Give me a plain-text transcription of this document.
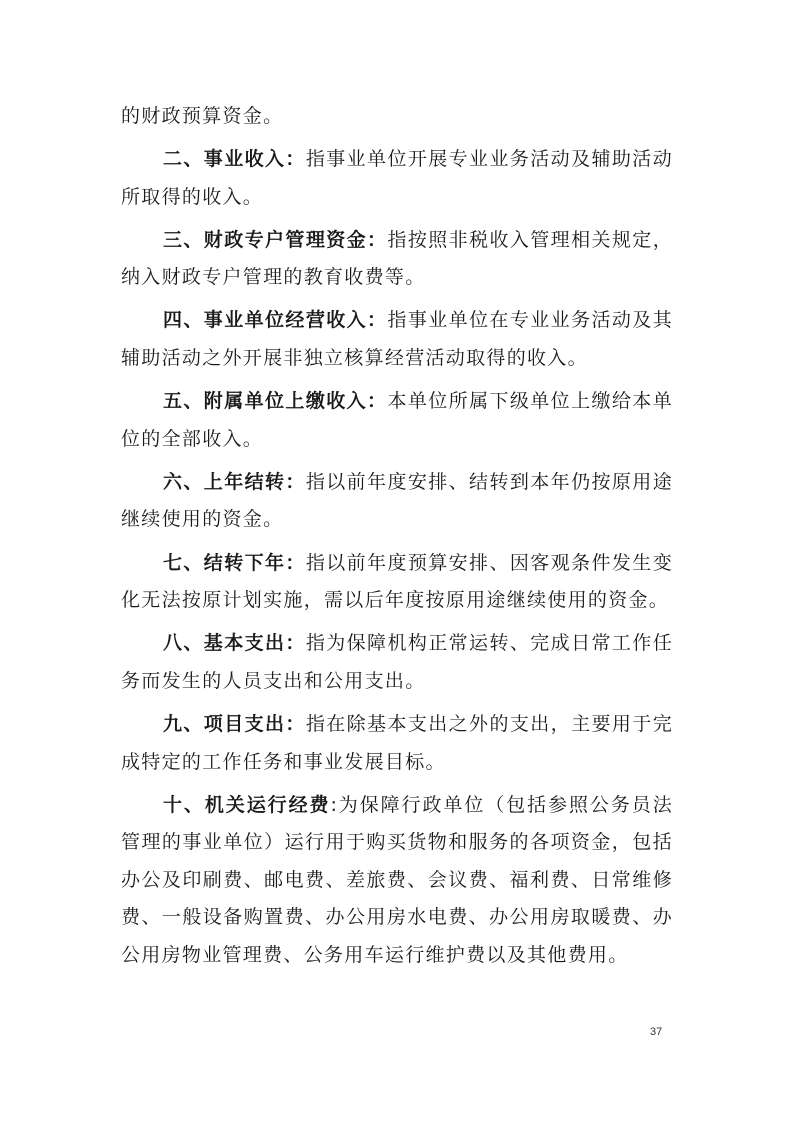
的财政预算资金。

二、事业收入：指事业单位开展专业业务活动及辅助活动所取得的收入。

三、财政专户管理资金：指按照非税收入管理相关规定，纳入财政专户管理的教育收费等。

四、事业单位经营收入：指事业单位在专业业务活动及其辅助活动之外开展非独立核算经营活动取得的收入。

五、附属单位上缴收入：本单位所属下级单位上缴给本单位的全部收入。

六、上年结转：指以前年度安排、结转到本年仍按原用途继续使用的资金。

七、结转下年：指以前年度预算安排、因客观条件发生变化无法按原计划实施，需以后年度按原用途继续使用的资金。

八、基本支出：指为保障机构正常运转、完成日常工作任务而发生的人员支出和公用支出。

九、项目支出：指在除基本支出之外的支出，主要用于完成特定的工作任务和事业发展目标。

十、机关运行经费:为保障行政单位（包括参照公务员法管理的事业单位）运行用于购买货物和服务的各项资金，包括办公及印刷费、邮电费、差旅费、会议费、福利费、日常维修费、一般设备购置费、办公用房水电费、办公用房取暖费、办公用房物业管理费、公务用车运行维护费以及其他费用。

37
